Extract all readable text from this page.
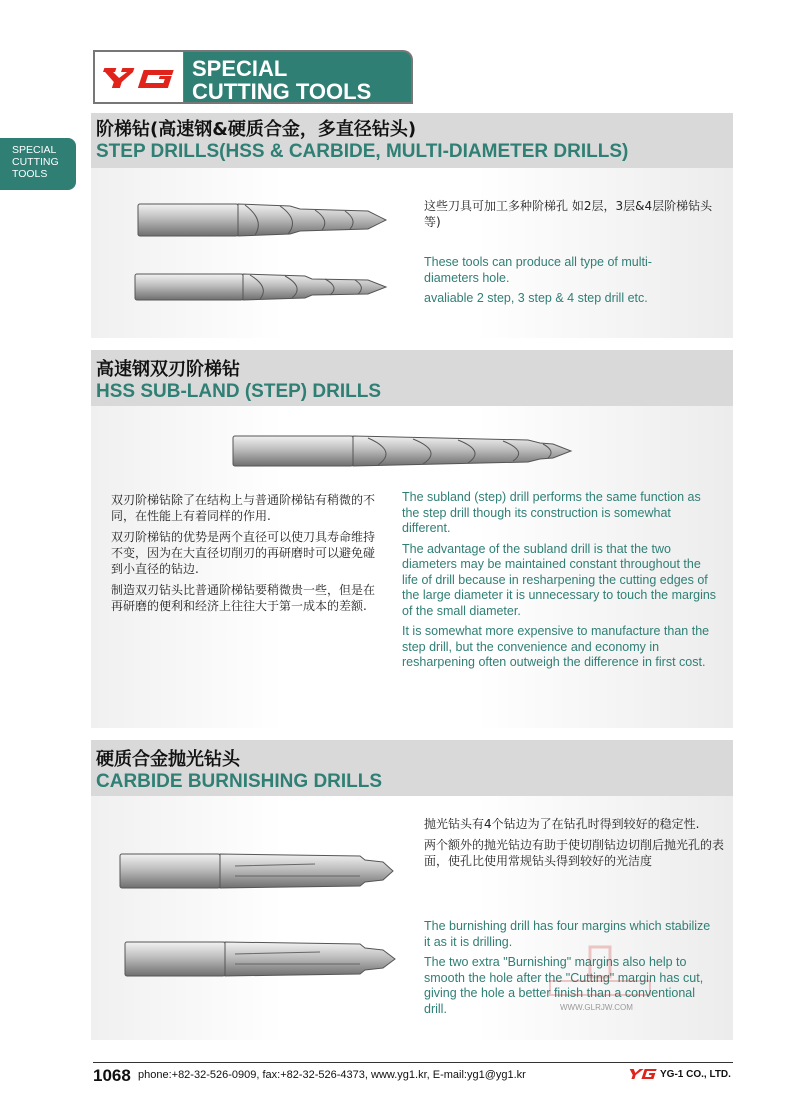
SPECIAL
CUTTING TOOLS
SPECIAL
CUTTING
TOOLS
阶梯钻(高速钢&硬质合金，多直径钻头)
STEP DRILLS(HSS & CARBIDE, MULTI-DIAMETER DRILLS)
这些刀具可加工多种阶梯孔 如2层，3层&4层阶梯钻头等)

These tools can produce all type of multi-diameters hole.

avaliable 2 step, 3 step & 4 step drill etc.

高速钢双刃阶梯钻
HSS SUB-LAND (STEP) DRILLS

双刃阶梯钻除了在结构上与普通阶梯钻有稍微的不同，在性能上有着同样的作用.

双刃阶梯钻的优势是两个直径可以使刀具寿命维持不变，因为在大直径切削刃的再研磨时可以避免碰到小直径的钻边.

制造双刃钻头比普通阶梯钻要稍微贵一些，但是在再研磨的便利和经济上往往大于第一成本的差额.

The subland (step) drill performs the same function as the step drill though its construction is somewhat different.

The advantage of the subland drill is that the two diameters may be maintained constant throughout the life of drill because in resharpening the cutting edges of the large diameter it is unnecessary to touch the margins of the small diameter.

It is somewhat more expensive to manufacture than the step drill, but the convenience and economy in resharpening often outweigh the difference in first cost.

硬质合金抛光钻头
CARBIDE BURNISHING DRILLS

抛光钻头有4个钻边为了在钻孔时得到较好的稳定性.

两个额外的抛光钻边有助于使切削钻边切削后抛光孔的表面，使孔比使用常规钻头得到较好的光洁度

The burnishing drill has four margins which stabilize it as it is drilling.

The two extra "Burnishing" margins also help to smooth the hole after the "Cutting" margin has cut, giving the hole a better finish than a conventional drill.	WWW.GLRJW.COM
1068 phone:+82-32-526-0909, fax:+82-32-526-4373, www.yg1.kr, E-mail:yg1@yg1.kr	YG-1 CO., LTD.
